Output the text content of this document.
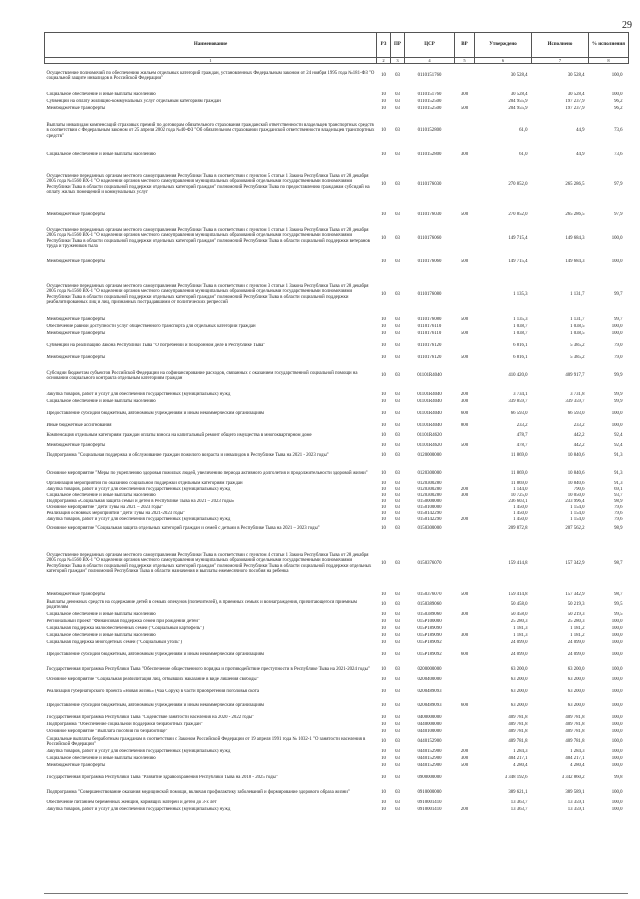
29
Наименование	РЗ	ПР	ЦСР	ВР	Утверждено	Исполнено	% исполнения
1	2	3	4	5	6	7	8

Осуществление полномочий по обеспечению жильем отдельных категорий граждан, установленных Федеральным законом от 24 ноября 1995 года №181-ФЗ "О социальной защите инвалидов в Российской Федерации"	10	03	0110151760		30 528,4	30 528,4	100,0

Социальное обеспечение и иные выплаты населению	10	03	0110151760	300	30 528,4	30 528,4	100,0
Субвенции на оплату жилищно-коммунальных услуг отдельным категориям граждан	10	03	0110152500		204 955,9	197 237,9	96,2
Межбюджетные трансферты	10	03	0110152500	500	204 955,9	197 237,9	96,2

Выплаты инвалидам компенсаций страховых премий по договорам обязательного страхования гражданской ответственности владельцев транспортных средств в соответствии с Федеральным законом от 25 апреля 2002 года №40-ФЗ "Об обязательном страховании гражданской ответственности владельцев транспортных средств"	10	03	0110152800		61,0	44,9	73,6

Социальное обеспечение и иные выплаты населению	10	03	0110152800	300	61,0	44,9	73,6

Осуществление переданных органам местного самоуправления Республики Тыва в соответствии с пунктом 5 статьи 1 Закона Республики Тыва от 28 декабря 2005 года №1560 ВХ-1 "О наделении органов местного самоуправления муниципальных образований отдельными государственными полномочиями Республики Тыва в области социальной поддержки отдельных категорий граждан" полномочий Республики Тыва по предоставлению гражданам субсидий на оплату жилых помещений и коммунальных услуг	10	03	0110176030		270 852,0	265 286,5	97,9

Межбюджетные трансферты	10	03	0110176030	500	270 852,0	265 286,5	97,9
Осуществление переданных органам местного самоуправления Республики Тыва в соответствии с пунктом 1 статьи 1 Закона Республики Тыва от 28 декабря 2005 года №1560 ВХ-1 "О наделении органов местного самоуправления муниципальных образований отдельными государственными полномочиями Республики Тыва в области социальной поддержки отдельных категорий граждан" полномочий Республики Тыва в области социальной поддержки ветеранов труда и тружеников тыла	10	03	0110176060		149 715,4	149 684,3	100,0
Межбюджетные трансферты	10	03	0110176060	500	149 715,4	149 684,3	100,0

Осуществление переданных органам местного самоуправления Республики Тыва в соответствии с пунктом 3 статьи 1 Закона Республики Тыва от 28 декабря 2005 года №1560 ВХ-1 "О наделении органов местного самоуправления муниципальных образований отдельными государственными полномочиями Республики Тыва в области социальной поддержки отдельных категорий граждан" полномочий Республики Тыва в области социальной поддержки реабилитированных лиц и лиц, признанных пострадавшими от политических репрессий	10	03	0110176080		1 135,3	1 131,7	99,7
Межбюджетные трансферты	10	03	0110176080	500	1 135,3	1 131,7	99,7
Обеспечение равной доступности услуг общественного транспорта для отдельных категорий граждан	10	03	0110176110		1 038,7	1 038,5	100,0
Межбюджетные трансферты	10	03	0110176110	500	1 038,7	1 038,5	100,0

Субвенции на реализацию Закона Республики Тыва "О погребении и похоронном деле в Республике Тыва"	10	03	0110176120		6 816,1	5 385,2	79,0

Межбюджетные трансферты	10	03	0110176120	500	6 816,1	5 385,2	79,0

Субсидии бюджетам субъектов Российской Федерации на софинансирование расходов, связанных с оказанием государственной социальной помощи на основании социального контракта отдельным категориям граждан	10	03	01101R4040		410 420,0	409 917,7	99,9

Закупка товаров, работ и услуг для обеспечения государственных (муниципальных) нужд	10	03	01101R4040	200	3 734,1	3 731,8	99,9
Социальное обеспечение и иные выплаты населению	10	03	01101R4040	300	339 859,7	339 359,7	99,9

Предоставление субсидий бюджетным, автономным учреждениям и иным некоммерческим организациям	10	03	01101R4040	600	66 593,0	66 593,0	100,0

Иные бюджетные ассигнования	10	03	01101R4040	800	233,2	233,2	100,0
Компенсация отдельным категориям граждан оплаты взноса на капитальный ремонт общего имущества в многоквартирном доме	10	03	01101R4620		478,7	442,2	92,4
Межбюджетные трансферты	10	03	01101R4620	500	478,7	442,2	92,4
Подпрограмма "Социальная поддержка и обслуживание граждан пожилого возраста и инвалидов в Республике Тыва на 2021 - 2023 годы"	10	03	0120000000		11 869,0	10 840,6	91,3

Основное мероприятие "Меры по укреплению здоровья пожилых людей, увеличению периода активного долголетия и продолжительности здоровой жизни"	10	03	0120300000		11 869,0	10 840,6	91,3
Организация мероприятий по оказанию социальной поддержки отдельным категориям граждан	10	03	0120300280		11 869,0	10 840,6	91,3
Закупка товаров, работ и услуг для обеспечения государственных (муниципальных) нужд	10	03	0120300280	200	1 144,0	790,6	69,1
Социальное обеспечение и иные выплаты населению	10	03	0120300280	300	10 725,0	10 050,0	93,7
Подпрограмма «Социальная защита семьи и детей в Республике Тыва на 2021 – 2023 годы»	10	03	0150000000		236 603,1	233 996,4	98,9
Основное мероприятие "Дети Тувы на 2021 – 2023 годы"	10	03	0150100000		1 450,0	1 154,0	79,6
Реализация основных мероприятий "Дети Тувы на 2021-2023 годы"	10	03	0150142290		1 450,0	1 154,0	79,6
Закупка товаров, работ и услуг для обеспечения государственных (муниципальных) нужд	10	03	0150142290	200	1 450,0	1 154,0	79,6
Основное мероприятие "Социальная защита отдельных категорий граждан и семей с детьми в Республике Тыва на 2021 – 2023 годы"	10	03	0150300000		209 872,8	207 562,2	98,9

Осуществление переданных органам местного самоуправления Республики Тыва в соответствии с пунктом 4 статьи 1 Закона Республики Тыва от 28 декабря 2005 года №1560 ВХ-1 "О наделении органов местного самоуправления муниципальных образований отдельными государственными полномочиями Республики Тыва в области социальной поддержки отдельных категорий граждан" полномочий Республики Тыва в области социальной поддержки отдельных категорий граждан" полномочий Республики Тыва в области назначения и выплаты ежемесячного пособия на ребенка	10	03	0150376070		159 414,8	157 342,9	98,7

Межбюджетные трансферты	10	03	0150376070	500	159 414,8	157 342,9	98,7
Выплаты денежных средств на содержание детей в семьях опекунов (попечителей), в приемных семьях и вознаграждения, причитающегося приемным родителям	10	03	0150389060		50 458,0	50 219,3	99,5
Социальное обеспечение и иные выплаты населению	10	03	0150389060	300	50 458,0	50 219,3	99,5
Региональный проект "Финансовая поддержка семей при рождении детей"	10	03	015P100000		25 280,3	25 280,3	100,0
Социальная поддержка малообеспеченных семей ("Социальный картофель")	10	03	015P189090		1 181,3	1 181,2	100,0
Социальное обеспечение и иные выплаты населению	10	03	015P189090	300	1 181,3	1 181,2	100,0
Социальная поддержка многодетных семей ("Социальный уголь")	10	03	015P189092		24 099,0	24 099,0	100,0

Предоставление субсидий бюджетным, автономным учреждениям и иным некоммерческим организациям	10	03	015P189092	600	24 099,0	24 099,0	100,0

Государственная программа Республики Тыва "Обеспечение общественного порядка и противодействие преступности в Республике Тыва на 2021-2024 годы"	10	03	0200000000		63 200,0	63 200,0	100,0
Основное мероприятие "Социальная реабилитация лиц, отбывших наказание в виде лишения свободы"	10	03	0200400000		63 200,0	63 200,0	100,0

Реализация губернаторского проекта «Новая жизнь» (Чаа Сорук) в части приобретения поголовья скота	10	03	0200489093		63 200,0	63 200,0	100,0

Предоставление субсидий бюджетным, автономным учреждениям и иным некоммерческим организациям	10	03	0200489093	600	63 200,0	63 200,0	100,0

Государственная программа Республики Тыва "Содействие занятости населения на 2020 - 2022 годы"	10	03	0400000000		409 781,8	409 781,8	100,0
Подпрограмма "Обеспечение социальной поддержки безработных граждан"	10	03	0440000000		409 781,8	409 781,8	100,0
Основное мероприятие "Выплата пособия по безработице"	10	03	0440100000		409 781,8	409 781,8	100,0
Социальные выплаты безработным гражданам в соответствии с Законом Российской Федерации от 19 апреля 1991 года № 1032-1 "О занятости населения в Российской Федерации"	10	03	0440152900		409 781,8	409 781,8	100,0
Закупка товаров, работ и услуг для обеспечения государственных (муниципальных) нужд	10	03	0440152900	200	1 284,3	1 284,3	100,0
Социальное обеспечение и иные выплаты населению	10	03	0440152900	300	404 217,1	404 217,1	100,0
Межбюджетные трансферты	10	03	0440152900	500	4 280,4	4 280,4	100,0

Государственная программа Республики Тыва "Развитие здравоохранения Республики Тыва на 2018 - 2025 годы"	10	03	0900000000		3 348 192,6	3 342 860,2	99,8

Подпрограмма "Совершенствование оказания медицинской помощи, включая профилактику заболеваний и формирование здорового образа жизни"	10	03	0910000000		389 621,1	389 589,1	100,0
Обеспечение питанием беременных женщин, кормящих матерей и детей до 3-х лет	10	03	0910001410		13 363,7	13 359,1	100,0
Закупка товаров, работ и услуг для обеспечения государственных (муниципальных) нужд	10	03	0910001410	200	13 363,7	13 359,1	100,0
